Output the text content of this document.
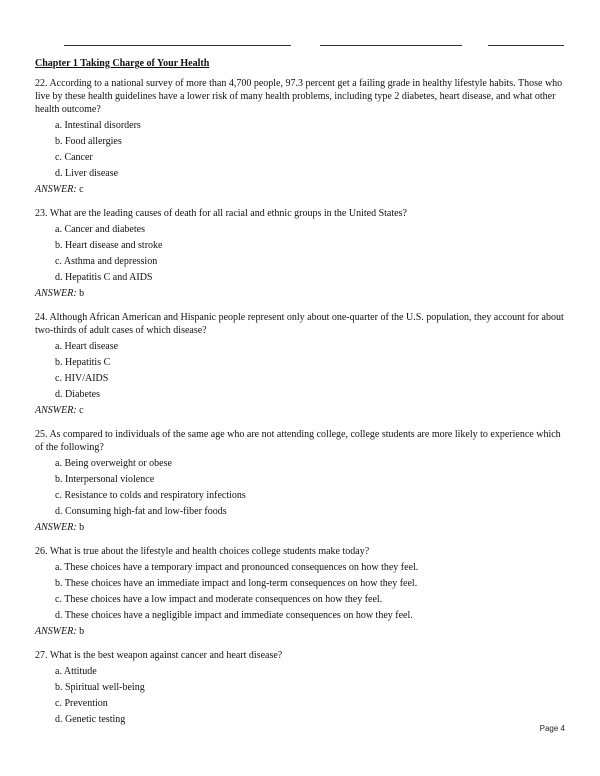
Chapter 1 Taking Charge of Your Health

22. According to a national survey of more than 4,700 people, 97.3 percent get a failing grade in healthy lifestyle habits. Those who live by these health guidelines have a lower risk of many health problems, including type 2 diabetes, heart disease, and what other health outcome?

a. Intestinal disorders
b. Food allergies
c. Cancer
d. Liver disease

ANSWER: c

23. What are the leading causes of death for all racial and ethnic groups in the United States?

a. Cancer and diabetes
b. Heart disease and stroke
c. Asthma and depression
d. Hepatitis C and AIDS

ANSWER: b

24. Although African American and Hispanic people represent only about one-quarter of the U.S. population, they account for about two-thirds of adult cases of which disease?

a. Heart disease
b. Hepatitis C
c. HIV/AIDS
d. Diabetes

ANSWER: c

25. As compared to individuals of the same age who are not attending college, college students are more likely to experience which of the following?

a. Being overweight or obese
b. Interpersonal violence
c. Resistance to colds and respiratory infections
d. Consuming high-fat and low-fiber foods

ANSWER: b

26. What is true about the lifestyle and health choices college students make today?

a. These choices have a temporary impact and pronounced consequences on how they feel.
b. These choices have an immediate impact and long-term consequences on how they feel.
c. These choices have a low impact and moderate consequences on how they feel.
d. These choices have a negligible impact and immediate consequences on how they feel.

ANSWER: b

27. What is the best weapon against cancer and heart disease?

a. Attitude
b. Spiritual well-being
c. Prevention
d. Genetic testing
Page 4
